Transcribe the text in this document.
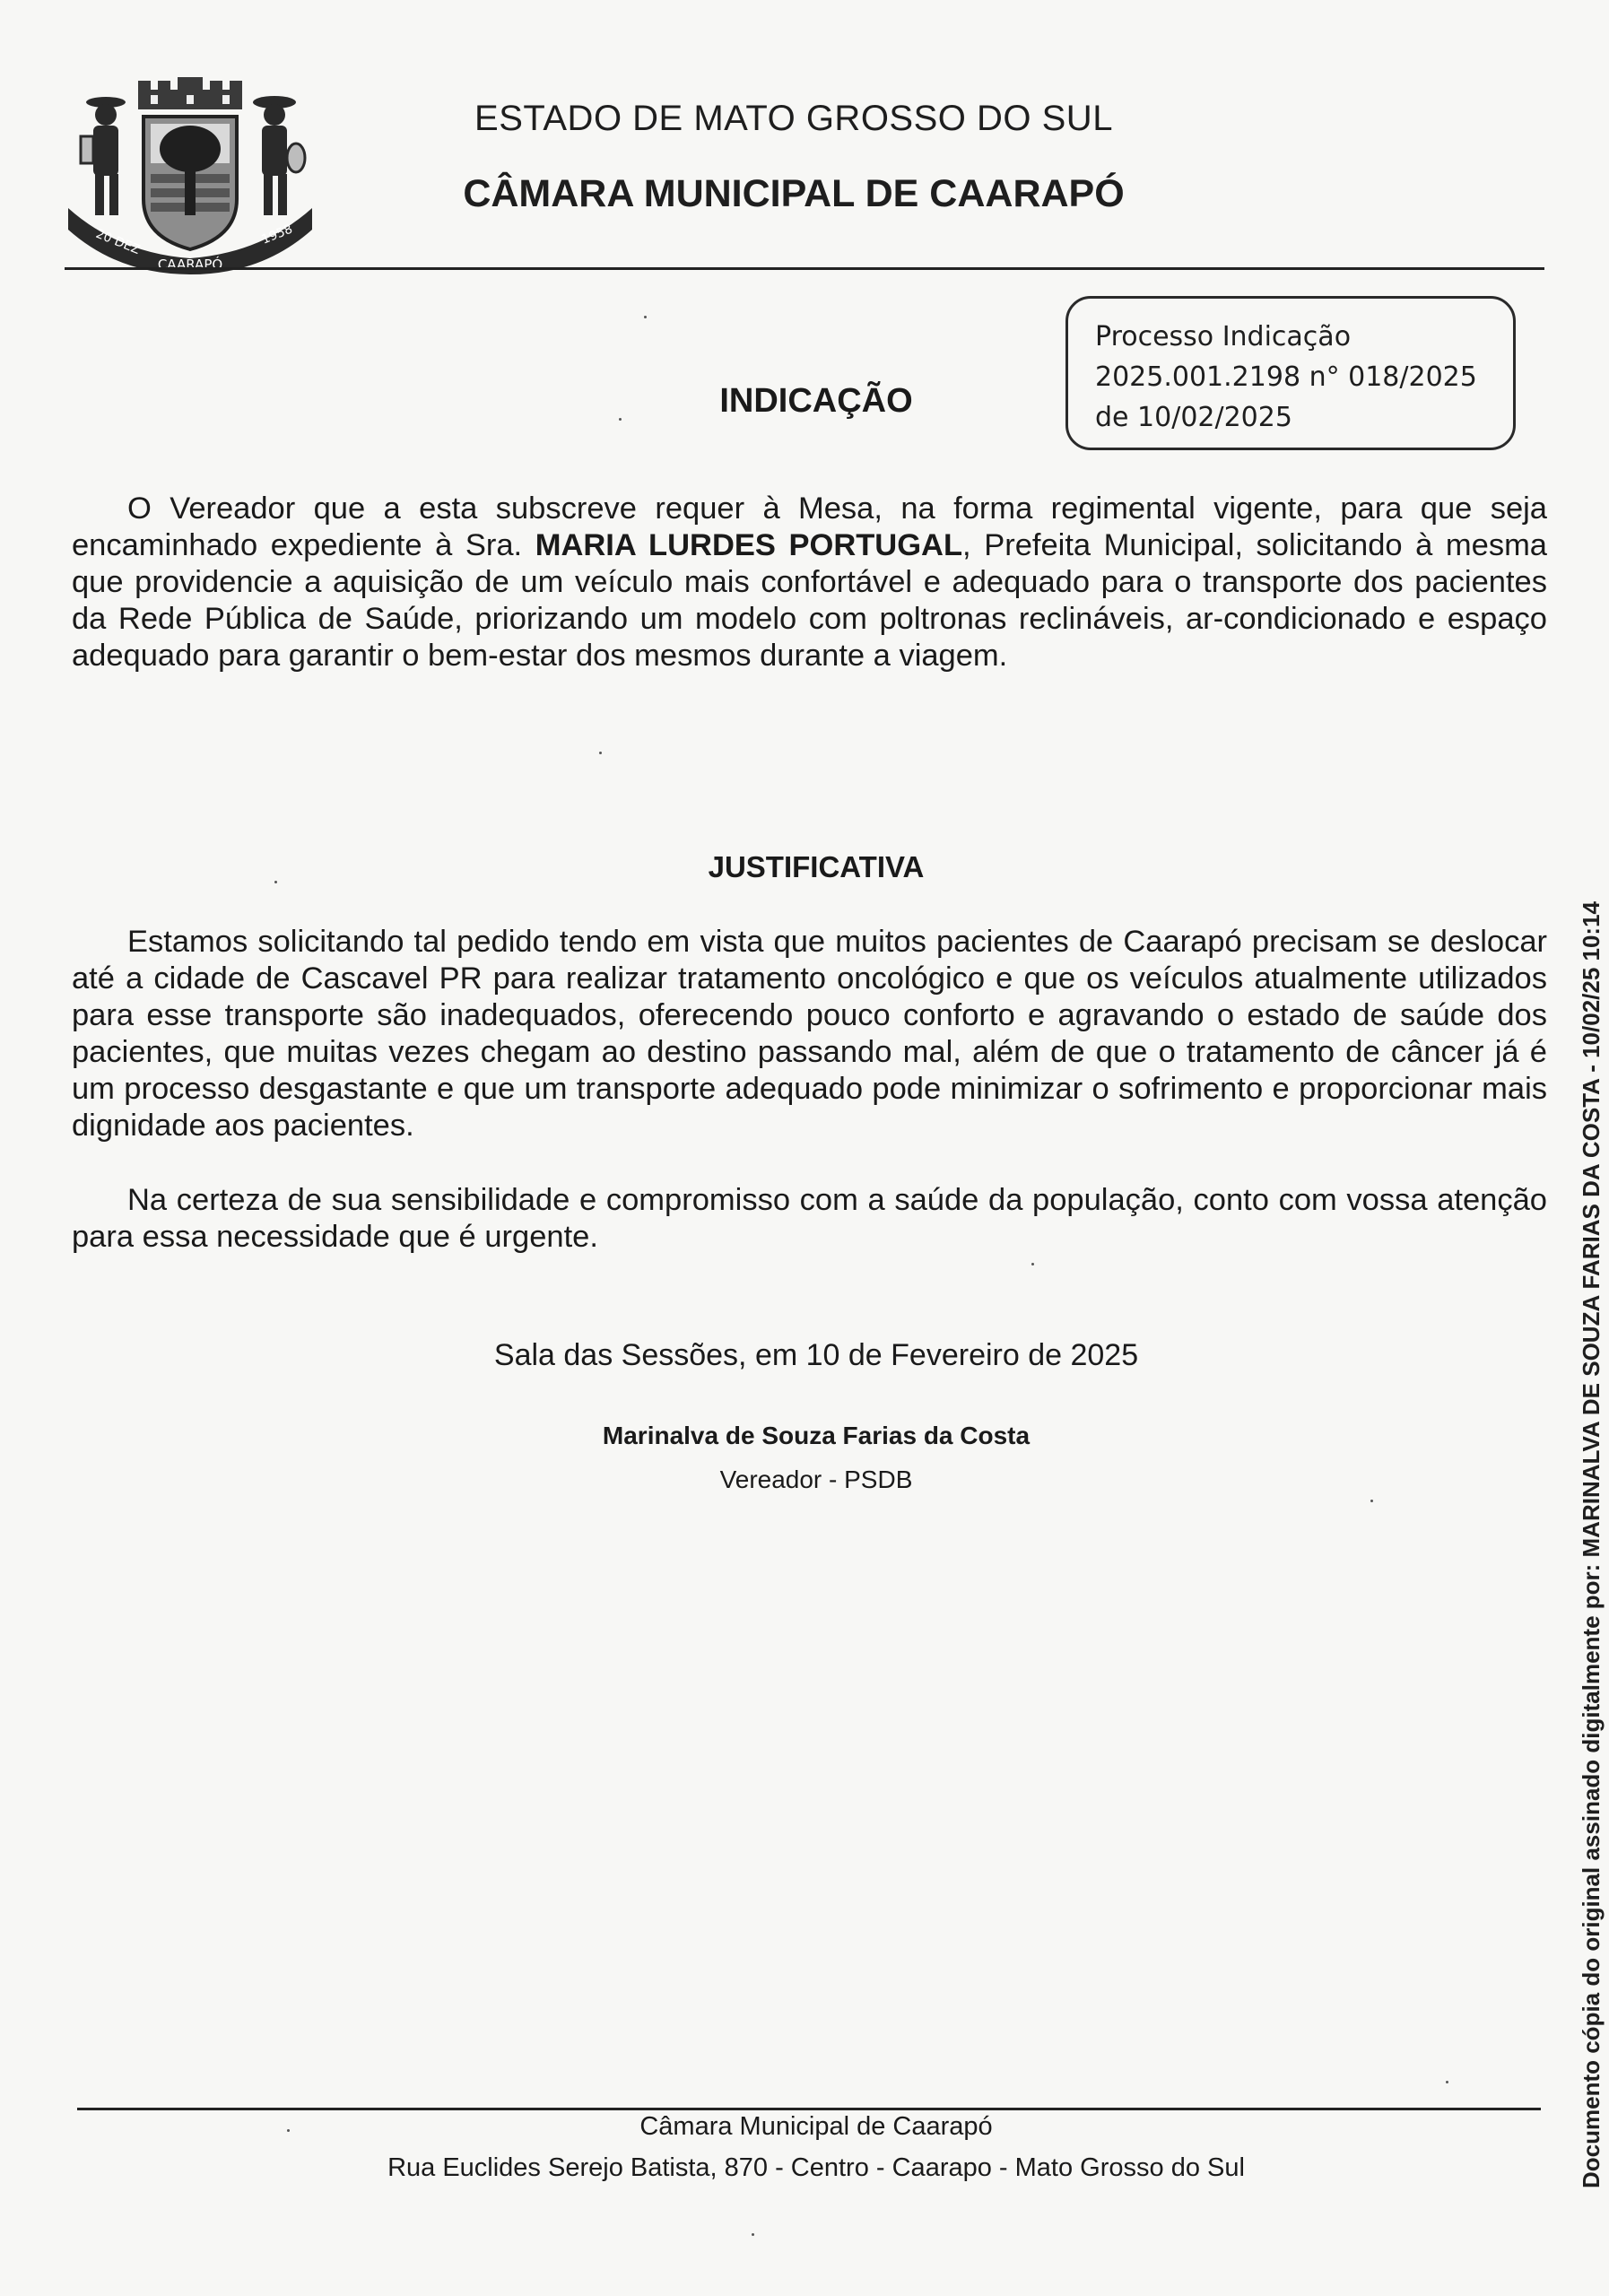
20 DEZ
CAARAPÓ
1958
ESTADO DE MATO GROSSO DO SUL
CÂMARA MUNICIPAL DE CAARAPÓ
Processo Indicação
2025.001.2198 n° 018/2025
de 10/02/2025
INDICAÇÃO

O Vereador que a esta subscreve requer à Mesa, na forma regimental vigente, para que seja encaminhado expediente à Sra. MARIA LURDES PORTUGAL, Prefeita Municipal, solicitando à mesma que providencie a aquisição de um veículo mais confortável e adequado para o transporte dos pacientes da Rede Pública de Saúde, priorizando um modelo com poltronas reclináveis, ar-condicionado e espaço adequado para garantir o bem-estar dos mesmos durante a viagem.

JUSTIFICATIVA

Estamos solicitando tal pedido tendo em vista que muitos pacientes de Caarapó precisam se deslocar até a cidade de Cascavel PR para realizar tratamento oncológico e que os veículos atualmente utilizados para esse transporte são inadequados, oferecendo pouco conforto e agravando o estado de saúde dos pacientes, que muitas vezes chegam ao destino passando mal, além de que o tratamento de câncer já é um processo desgastante e que um transporte adequado pode minimizar o sofrimento e proporcionar mais dignidade aos pacientes.

Na certeza de sua sensibilidade e compromisso com a saúde da população, conto com vossa atenção para essa necessidade que é urgente.

Sala das Sessões, em 10 de Fevereiro de 2025
Marinalva de Souza Farias da Costa
Vereador - PSDB
Câmara Municipal de Caarapó
Rua Euclides Serejo Batista, 870 - Centro - Caarapo - Mato Grosso do Sul	Documento cópia do original assinado digitalmente por: MARINALVA DE SOUZA FARIAS DA COSTA - 10/02/25 10:14
